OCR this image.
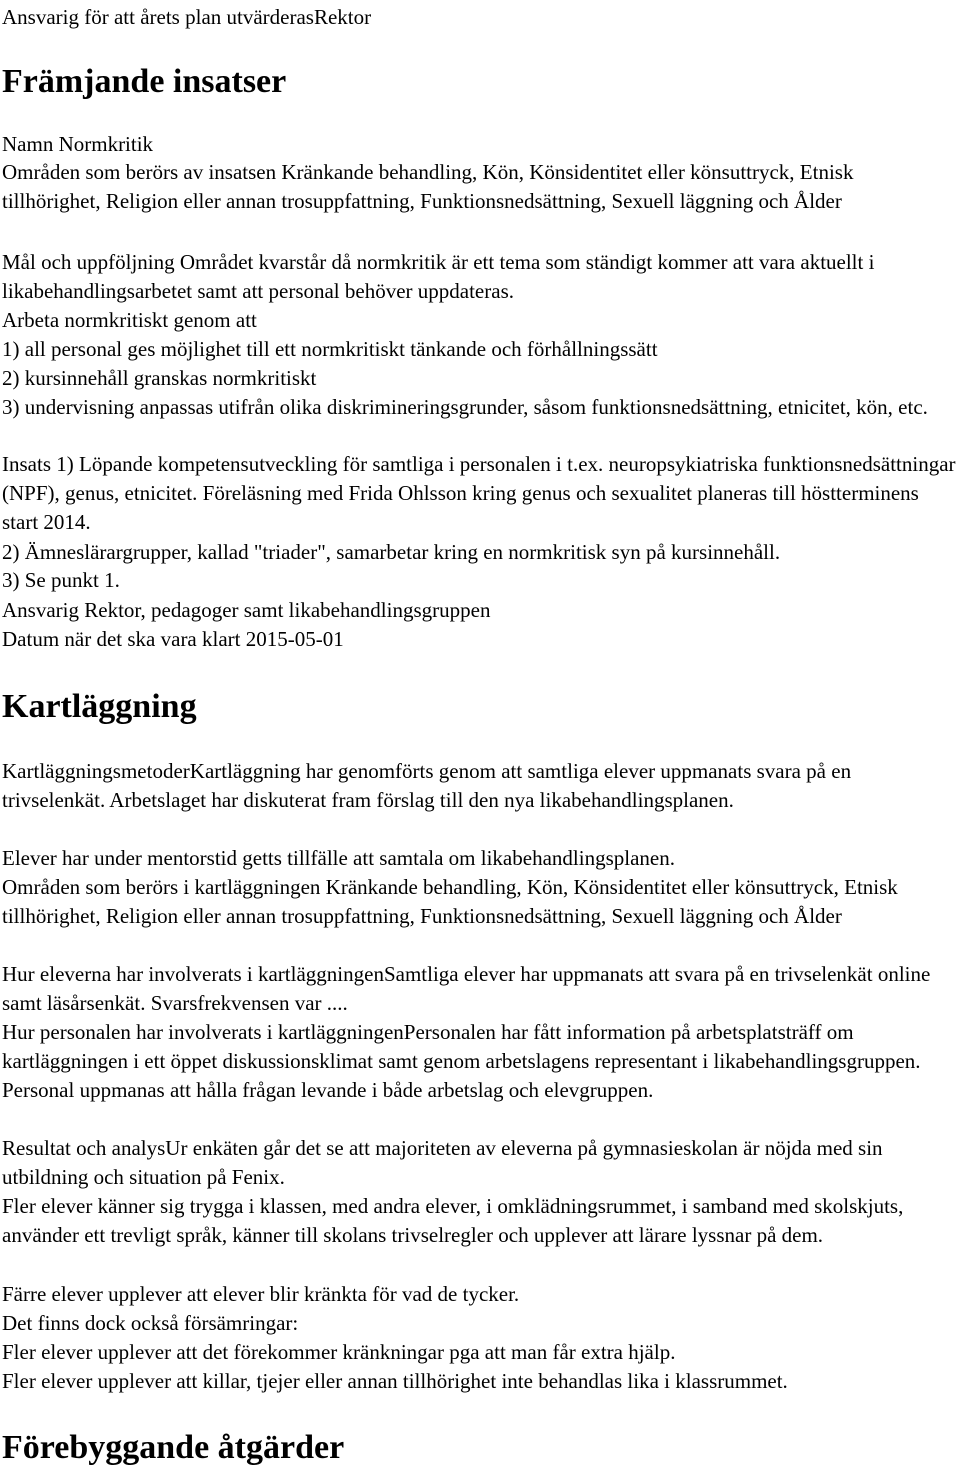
Ansvarig för att årets plan utvärderasRektor

Främjande insatser

Namn Normkritik

Områden som berörs av insatsen Kränkande behandling, Kön, Könsidentitet eller könsuttryck, Etnisk tillhörighet, Religion eller annan trosuppfattning, Funktionsnedsättning, Sexuell läggning och Ålder

Mål och uppföljning Området kvarstår då normkritik är ett tema som ständigt kommer att vara aktuellt i likabehandlingsarbetet samt att personal behöver uppdateras.

Arbeta normkritiskt genom att

1) all personal ges möjlighet till ett normkritiskt tänkande och förhållningssätt

2) kursinnehåll granskas normkritiskt

3) undervisning anpassas utifrån olika diskrimineringsgrunder, såsom funktionsnedsättning, etnicitet, kön, etc.

Insats 1) Löpande kompetensutveckling för samtliga i personalen i t.ex. neuropsykiatriska funktionsnedsättningar (NPF), genus, etnicitet. Föreläsning med Frida Ohlsson kring genus och sexualitet planeras till höstterminens start 2014.

2) Ämneslärargrupper, kallad "triader", samarbetar kring en normkritisk syn på kursinnehåll.

3) Se punkt 1.

Ansvarig Rektor, pedagoger samt likabehandlingsgruppen

Datum när det ska vara klart 2015-05-01

Kartläggning

KartläggningsmetoderKartläggning har genomförts genom att samtliga elever uppmanats svara på en trivselenkät. Arbetslaget har diskuterat fram förslag till den nya likabehandlingsplanen.

Elever har under mentorstid getts tillfälle att samtala om likabehandlingsplanen.

Områden som berörs i kartläggningen Kränkande behandling, Kön, Könsidentitet eller könsuttryck, Etnisk tillhörighet, Religion eller annan trosuppfattning, Funktionsnedsättning, Sexuell läggning och Ålder

Hur eleverna har involverats i kartläggningenSamtliga elever har uppmanats att svara på en trivselenkät online samt läsårsenkät. Svarsfrekvensen var ....

Hur personalen har involverats i kartläggningenPersonalen har fått information på arbetsplatsträff om kartläggningen i ett öppet diskussionsklimat samt genom arbetslagens representant i likabehandlingsgruppen. Personal uppmanas att hålla frågan levande i både arbetslag och elevgruppen.

Resultat och analysUr enkäten går det se att majoriteten av eleverna på gymnasieskolan är nöjda med sin utbildning och situation på Fenix.

Fler elever känner sig trygga i klassen, med andra elever, i omklädningsrummet, i samband med skolskjuts, använder ett trevligt språk, känner till skolans trivselregler och upplever att lärare lyssnar på dem.

Färre elever upplever att elever blir kränkta för vad de tycker.

Det finns dock också försämringar:

Fler elever upplever att det förekommer kränkningar pga att man får extra hjälp.

Fler elever upplever att killar, tjejer eller annan tillhörighet inte behandlas lika i klassrummet.

Förebyggande åtgärder
